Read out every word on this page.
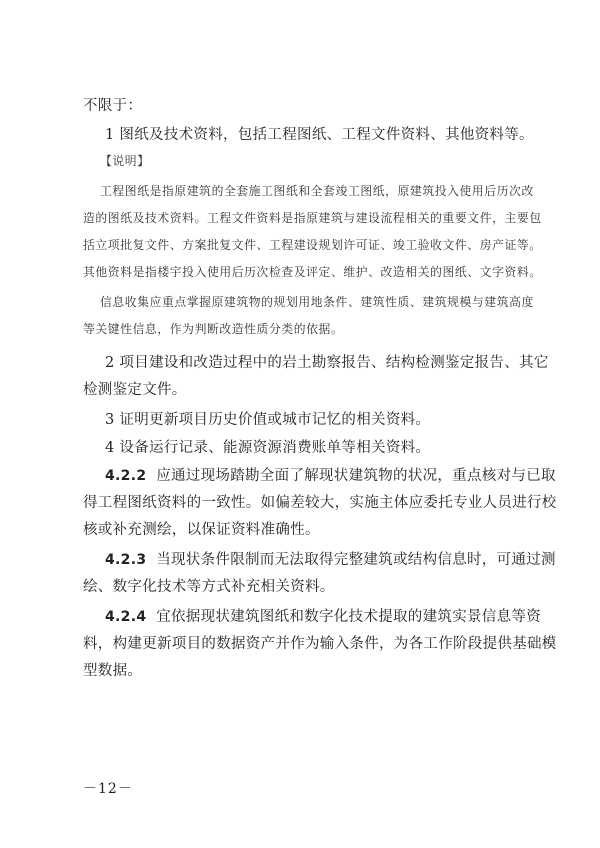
不限于：
1 图纸及技术资料，包括工程图纸、工程文件资料、其他资料等。
【说明】
工程图纸是指原建筑的全套施工图纸和全套竣工图纸，原建筑投入使用后历次改
造的图纸及技术资料。工程文件资料是指原建筑与建设流程相关的重要文件，主要包
括立项批复文件、方案批复文件、工程建设规划许可证、竣工验收文件、房产证等。
其他资料是指楼宇投入使用后历次检查及评定、维护、改造相关的图纸、文字资料。
信息收集应重点掌握原建筑物的规划用地条件、建筑性质、建筑规模与建筑高度
等关键性信息，作为判断改造性质分类的依据。
2 项目建设和改造过程中的岩土勘察报告、结构检测鉴定报告、其它
检测鉴定文件。
3 证明更新项目历史价值或城市记忆的相关资料。
4 设备运行记录、能源资源消费账单等相关资料。
4.2.2 应通过现场踏勘全面了解现状建筑物的状况，重点核对与已取
得工程图纸资料的一致性。如偏差较大，实施主体应委托专业人员进行校
核或补充测绘，以保证资料准确性。
4.2.3 当现状条件限制而无法取得完整建筑或结构信息时，可通过测
绘、数字化技术等方式补充相关资料。
4.2.4 宜依据现状建筑图纸和数字化技术提取的建筑实景信息等资
料，构建更新项目的数据资产并作为输入条件，为各工作阶段提供基础模
型数据。
－12－
